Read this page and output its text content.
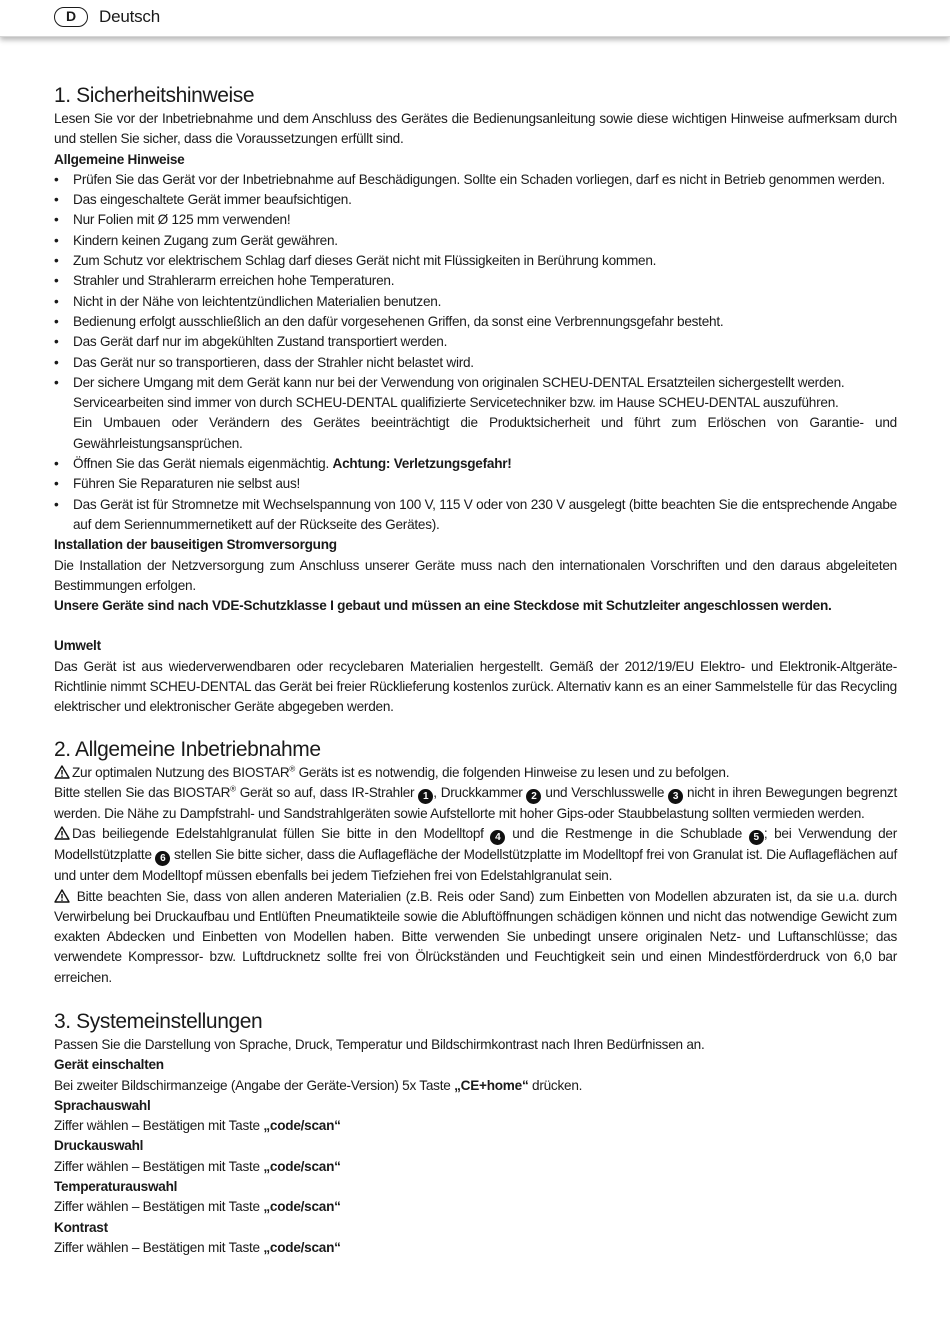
D	Deutsch
1. Sicherheitshinweise

Lesen Sie vor der Inbetriebnahme und dem Anschluss des Gerätes die Bedienungsanleitung sowie diese wichtigen Hinweise aufmerksam durch und stellen Sie sicher, dass die Voraussetzungen erfüllt sind.

Allgemeine Hinweise

• Prüfen Sie das Gerät vor der Inbetriebnahme auf Beschädigungen. Sollte ein Schaden vorliegen, darf es nicht in Betrieb genommen werden.
• Das eingeschaltete Gerät immer beaufsichtigen.
• Nur Folien mit Ø 125 mm verwenden!
• Kindern keinen Zugang zum Gerät gewähren.
• Zum Schutz vor elektrischem Schlag darf dieses Gerät nicht mit Flüssigkeiten in Berührung kommen.
• Strahler und Strahlerarm erreichen hohe Temperaturen.
• Nicht in der Nähe von leichtentzündlichen Materialien benutzen.
• Bedienung erfolgt ausschließlich an den dafür vorgesehenen Griffen, da sonst eine Verbrennungsgefahr besteht.
• Das Gerät darf nur im abgekühlten Zustand transportiert werden.
• Das Gerät nur so transportieren, dass der Strahler nicht belastet wird.
• Der sichere Umgang mit dem Gerät kann nur bei der Verwendung von originalen SCHEU-DENTAL Ersatzteilen sichergestellt werden.

Servicearbeiten sind immer von durch SCHEU-DENTAL qualifizierte Servicetechniker bzw. im Hause SCHEU-DENTAL auszuführen.

Ein Umbauen oder Verändern des Gerätes beeinträchtigt die Produktsicherheit und führt zum Erlöschen von Garantie- und Gewährleistungsansprüchen.

• Öffnen Sie das Gerät niemals eigenmächtig. Achtung: Verletzungsgefahr!
• Führen Sie Reparaturen nie selbst aus!
• Das Gerät ist für Stromnetze mit Wechselspannung von 100 V, 115 V oder von 230 V ausgelegt (bitte beachten Sie die entsprechende Angabe auf dem Seriennummernetikett auf der Rückseite des Gerätes).

Installation der bauseitigen Stromversorgung

Die Installation der Netzversorgung zum Anschluss unserer Geräte muss nach den internationalen Vorschriften und den daraus abgeleiteten Bestimmungen erfolgen.

Unsere Geräte sind nach VDE-Schutzklasse I gebaut und müssen an eine Steckdose mit Schutzleiter angeschlossen werden.

Umwelt

Das Gerät ist aus wiederverwendbaren oder recyclebaren Materialien hergestellt. Gemäß der 2012/19/EU Elektro- und Elektronik-Altgeräte-Richtlinie nimmt SCHEU-DENTAL das Gerät bei freier Rücklieferung kostenlos zurück. Alternativ kann es an einer Sammelstelle für das Recycling elektrischer und elektronischer Geräte abgegeben werden.

2. Allgemeine Inbetriebnahme

Zur optimalen Nutzung des BIOSTAR® Geräts ist es notwendig, die folgenden Hinweise zu lesen und zu befolgen.

Bitte stellen Sie das BIOSTAR® Gerät so auf, dass IR-Strahler 1 , Druckkammer 2 und Verschlusswelle 3 nicht in ihren Bewegungen begrenzt werden. Die Nähe zu Dampfstrahl- und Sandstrahlgeräten sowie Aufstellorte mit hoher Gips-oder Staubbelastung sollten vermieden werden.

Das beiliegende Edelstahlgranulat füllen Sie bitte in den Modelltopf 4 und die Restmenge in die Schublade 5 ; bei Verwendung der Modellstützplatte 6 stellen Sie bitte sicher, dass die Auflagefläche der Modellstützplatte im Modelltopf frei von Granulat ist. Die Auflageflächen auf und unter dem Modelltopf müssen ebenfalls bei jedem Tiefziehen frei von Edelstahlgranulat sein.

Bitte beachten Sie, dass von allen anderen Materialien (z.B. Reis oder Sand) zum Einbetten von Modellen abzuraten ist, da sie u.a. durch Verwirbelung bei Druckaufbau und Entlüften Pneumatikteile sowie die Abluftöffnungen schädigen können und nicht das notwendige Gewicht zum exakten Abdecken und Einbetten von Modellen haben. Bitte verwenden Sie unbedingt unsere originalen Netz- und Luftanschlüsse; das verwendete Kompressor- bzw. Luftdrucknetz sollte frei von Ölrückständen und Feuchtigkeit sein und einen Mindestförderdruck von 6,0 bar erreichen.

3. Systemeinstellungen

Passen Sie die Darstellung von Sprache, Druck, Temperatur und Bildschirmkontrast nach Ihren Bedürfnissen an.

Gerät einschalten

Bei zweiter Bildschirmanzeige (Angabe der Geräte-Version) 5x Taste „CE+home“ drücken.

Sprachauswahl

Ziffer wählen – Bestätigen mit Taste „code/scan“

Druckauswahl

Ziffer wählen – Bestätigen mit Taste „code/scan“

Temperaturauswahl

Ziffer wählen – Bestätigen mit Taste „code/scan“

Kontrast

Ziffer wählen – Bestätigen mit Taste „code/scan“
